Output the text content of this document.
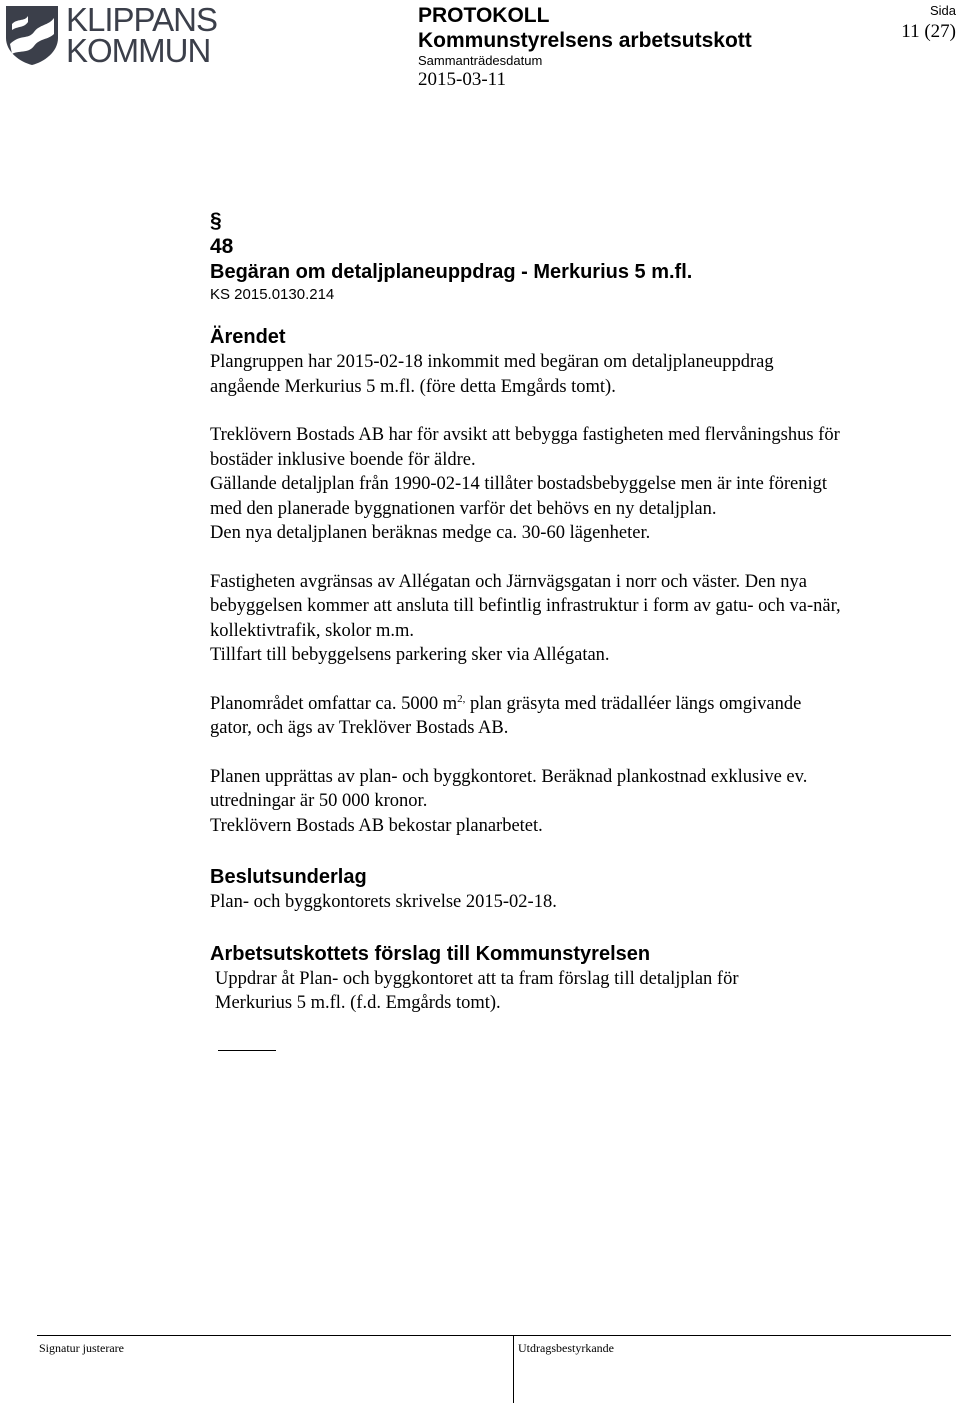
KLIPPANS
KOMMUN
PROTOKOLL
Kommunstyrelsens arbetsutskott
Sammanträdesdatum
2015-03-11
Sida
11 (27)
§
48
Begäran om detaljplaneuppdrag - Merkurius 5 m.fl.
KS 2015.0130.214
Ärendet

Plangruppen har 2015-02-18 inkommit med begäran om detaljplaneuppdrag
angående Merkurius 5 m.fl. (före detta Emgårds tomt).

Treklövern Bostads AB har för avsikt att bebygga fastigheten med flervåningshus för
bostäder inklusive boende för äldre.
Gällande detaljplan från 1990-02-14 tillåter bostadsbebyggelse men är inte förenigt
med den planerade byggnationen varför det behövs en ny detaljplan.
Den nya detaljplanen beräknas medge ca. 30-60 lägenheter.

Fastigheten avgränsas av Allégatan och Järnvägsgatan i norr och väster. Den nya
bebyggelsen kommer att ansluta till befintlig infrastruktur i form av gatu- och va-när,
kollektivtrafik, skolor m.m.
Tillfart till bebyggelsens parkering sker via Allégatan.

Planområdet omfattar ca. 5000 $m^{2,}$ plan gräsyta med trädalléer längs omgivande
gator, och ägs av Treklöver Bostads AB.

Planen upprättas av plan- och byggkontoret. Beräknad plankostnad exklusive ev.
utredningar är 50 000 kronor.
Treklövern Bostads AB bekostar planarbetet.

Beslutsunderlag

Plan- och byggkontorets skrivelse 2015-02-18.

Arbetsutskottets förslag till Kommunstyrelsen

Uppdrar åt Plan- och byggkontoret att ta fram förslag till detaljplan för
Merkurius 5 m.fl. (f.d. Emgårds tomt).

Signatur justerare	Utdragsbestyrkande
